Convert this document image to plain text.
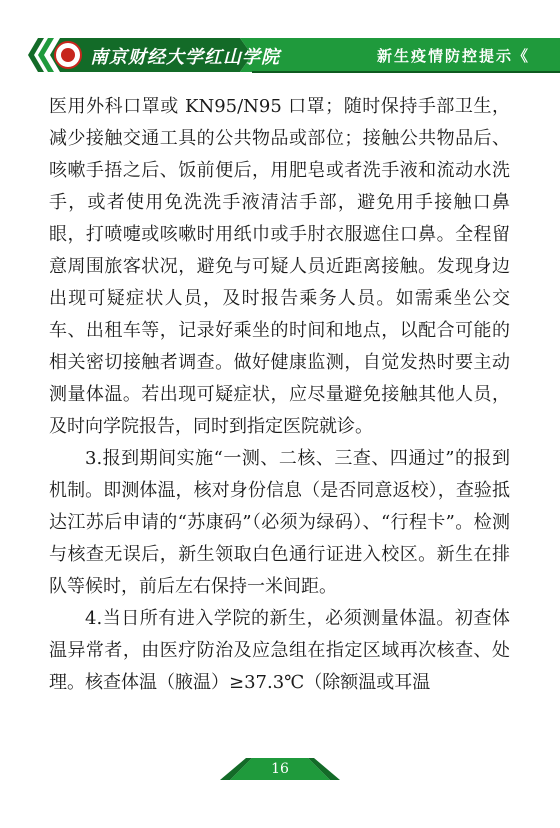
南京财经大学红山学院	新生疫情防控提示《

医用外科口罩或 KN95/N95 口罩；随时保持手部卫生，减少接触交通工具的公共物品或部位；接触公共物品后、咳嗽手捂之后、饭前便后，用肥皂或者洗手液和流动水洗手，或者使用免洗洗手液清洁手部，避免用手接触口鼻眼，打喷嚏或咳嗽时用纸巾或手肘衣服遮住口鼻。全程留意周围旅客状况，避免与可疑人员近距离接触。发现身边出现可疑症状人员，及时报告乘务人员。如需乘坐公交车、出租车等，记录好乘坐的时间和地点，以配合可能的相关密切接触者调查。做好健康监测，自觉发热时要主动测量体温。若出现可疑症状，应尽量避免接触其他人员，及时向学院报告，同时到指定医院就诊。

3.报到期间实施“一测、二核、三查、四通过”的报到机制。即测体温，核对身份信息（是否同意返校），查验抵达江苏后申请的“苏康码”（必须为绿码）、“行程卡”。检测与核查无误后，新生领取白色通行证进入校区。新生在排队等候时，前后左右保持一米间距。

4.当日所有进入学院的新生，必须测量体温。初查体温异常者，由医疗防治及应急组在指定区域再次核查、处理。核查体温（腋温）≥37.3℃（除额温或耳温

16
